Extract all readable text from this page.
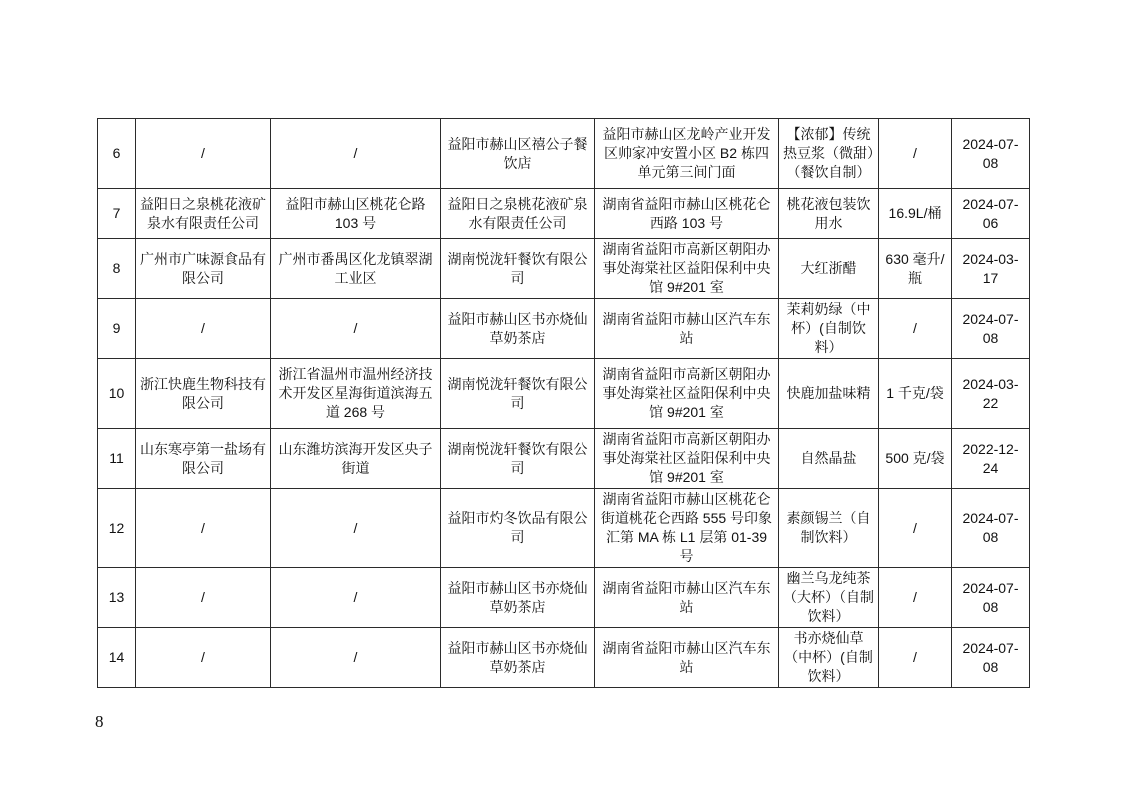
6	/	/	益阳市赫山区禧公子餐饮店	益阳市赫山区龙岭产业开发区帅家冲安置小区 B2 栋四单元第三间门面	【浓郁】传统热豆浆（微甜）（餐饮自制）	/	2024-07-08
7	益阳日之泉桃花液矿泉水有限责任公司	益阳市赫山区桃花仑路 103 号	益阳日之泉桃花液矿泉水有限责任公司	湖南省益阳市赫山区桃花仑西路 103 号	桃花液包装饮用水	16.9L/桶	2024-07-06
8	广州市广味源食品有限公司	广州市番禺区化龙镇翠湖工业区	湖南悦泷轩餐饮有限公司	湖南省益阳市高新区朝阳办事处海棠社区益阳保利中央馆 9#201 室	大红浙醋	630 毫升/瓶	2024-03-17
9	/	/	益阳市赫山区书亦烧仙草奶茶店	湖南省益阳市赫山区汽车东站	茉莉奶绿（中杯）(自制饮料）	/	2024-07-08
10	浙江快鹿生物科技有限公司	浙江省温州市温州经济技术开发区星海街道滨海五道 268 号	湖南悦泷轩餐饮有限公司	湖南省益阳市高新区朝阳办事处海棠社区益阳保利中央馆 9#201 室	快鹿加盐味精	1 千克/袋	2024-03-22
11	山东寒亭第一盐场有限公司	山东潍坊滨海开发区央子街道	湖南悦泷轩餐饮有限公司	湖南省益阳市高新区朝阳办事处海棠社区益阳保利中央馆 9#201 室	自然晶盐	500 克/袋	2022-12-24
12	/	/	益阳市灼冬饮品有限公司	湖南省益阳市赫山区桃花仑街道桃花仑西路 555 号印象汇第 MA 栋 L1 层第 01-39 号	素颜锡兰（自制饮料）	/	2024-07-08
13	/	/	益阳市赫山区书亦烧仙草奶茶店	湖南省益阳市赫山区汽车东站	幽兰乌龙纯茶（大杯）（自制饮料）	/	2024-07-08
14	/	/	益阳市赫山区书亦烧仙草奶茶店	湖南省益阳市赫山区汽车东站	书亦烧仙草（中杯）(自制饮料）	/	2024-07-08
8
